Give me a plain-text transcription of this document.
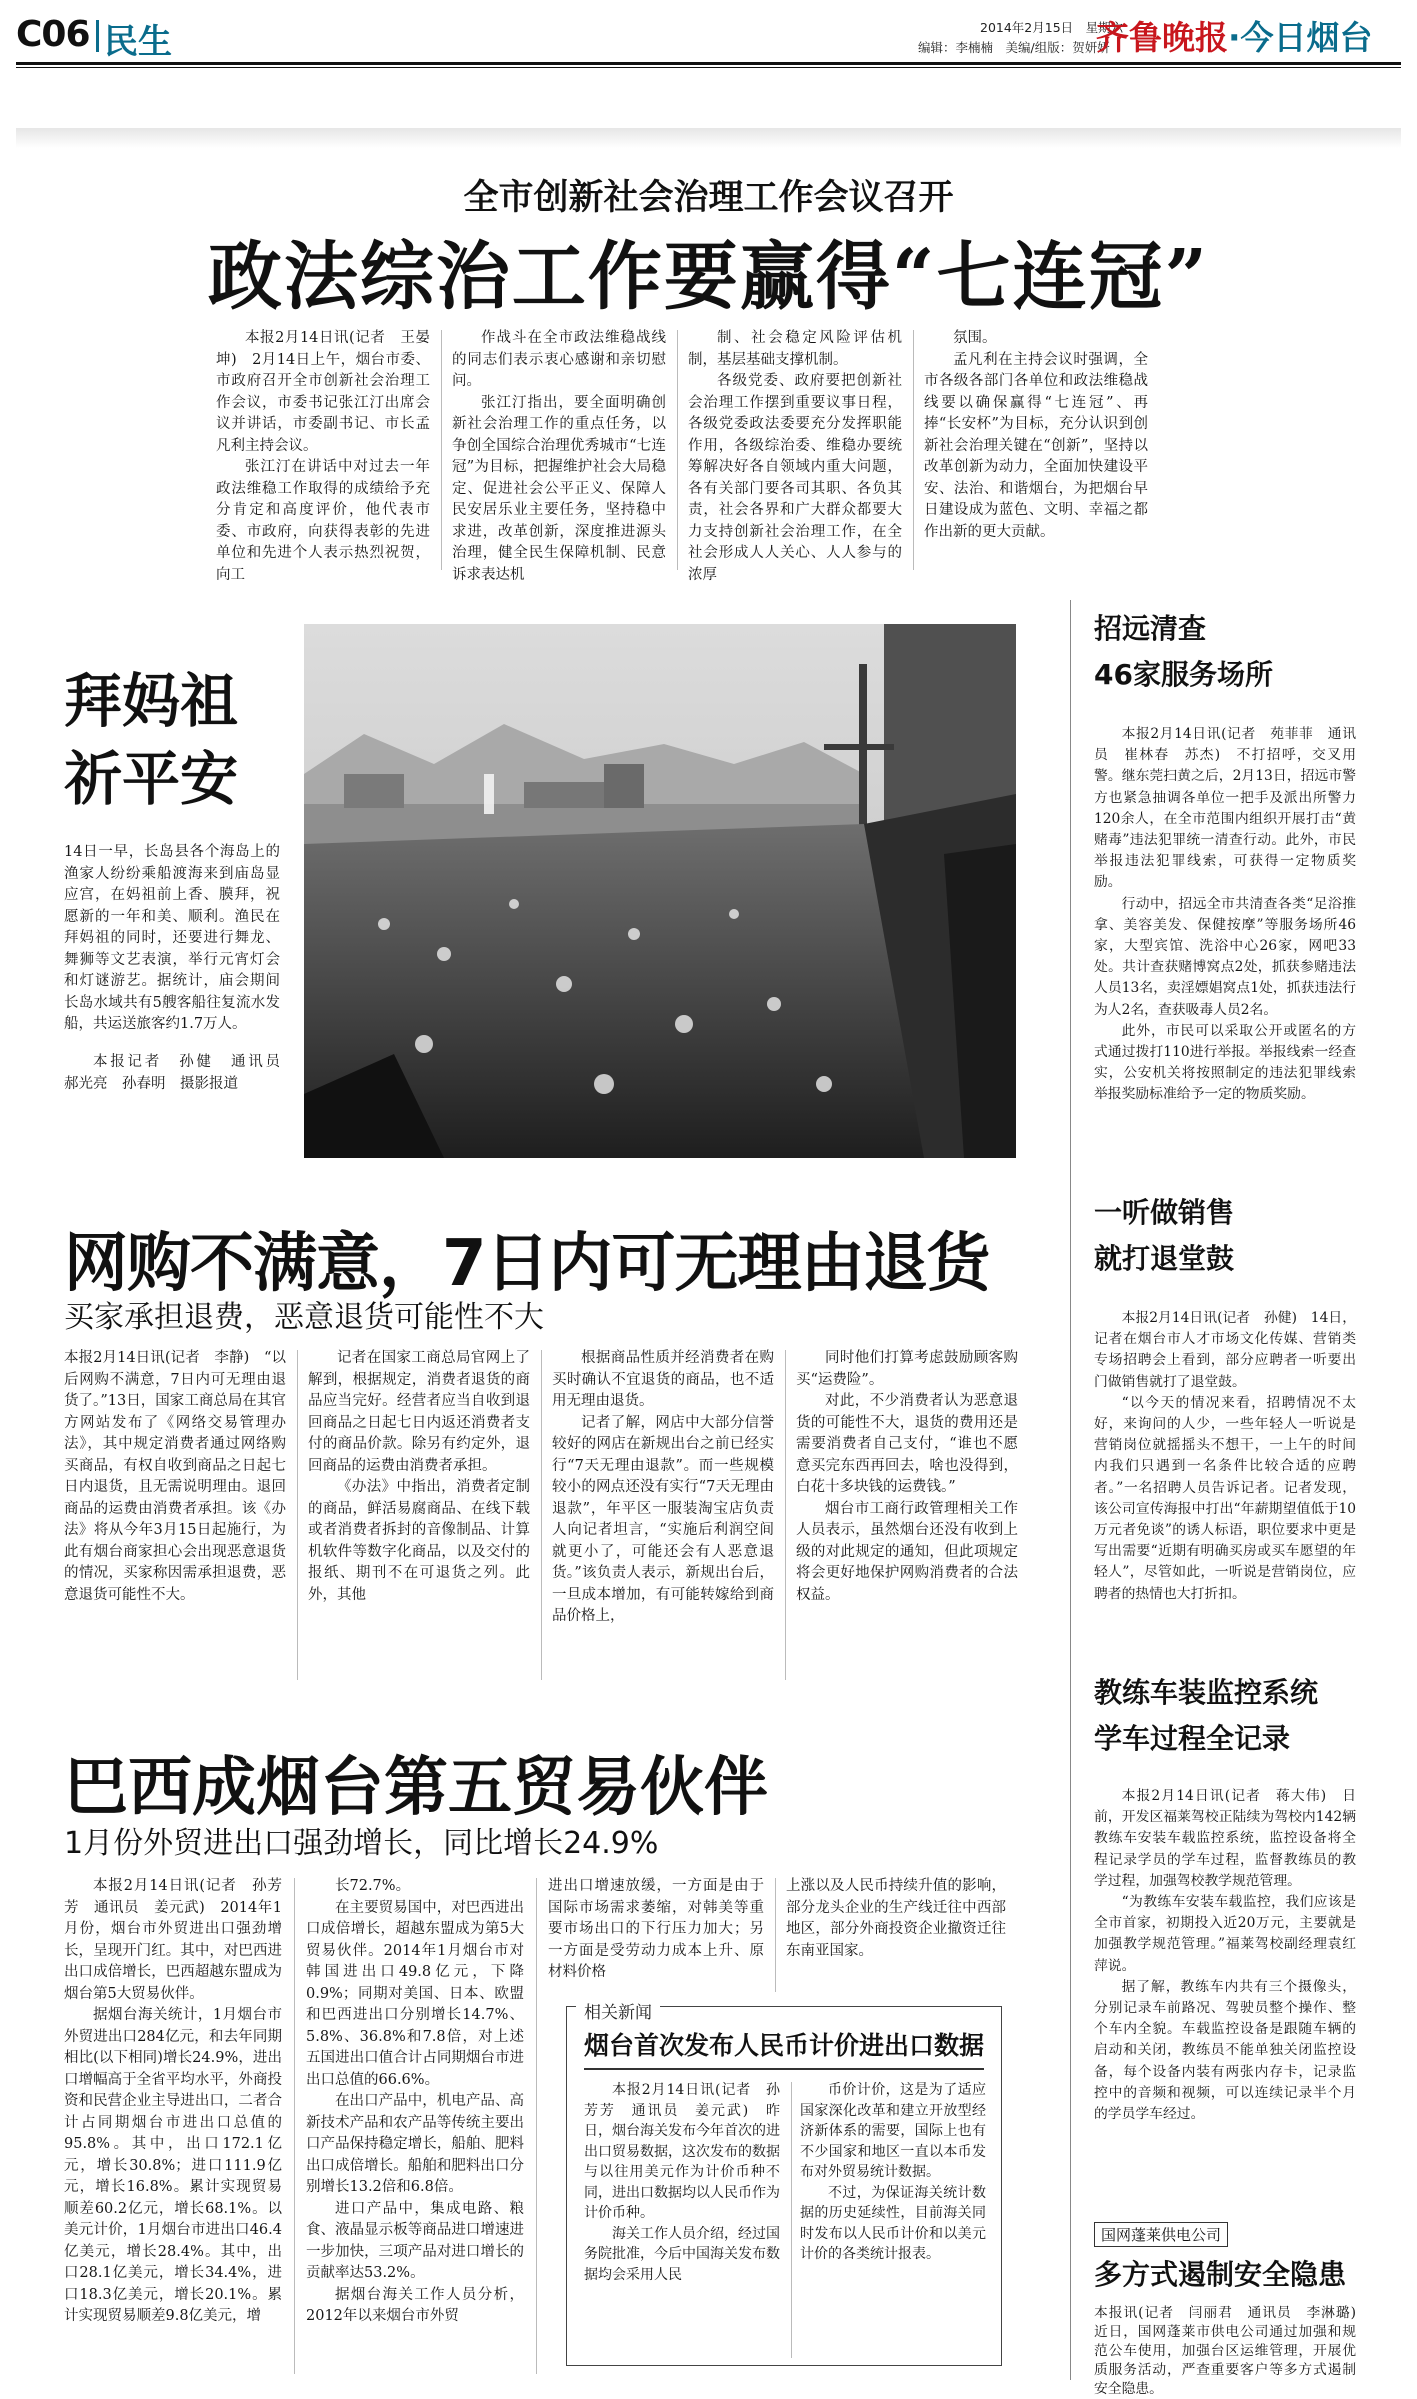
C06 民生	2014年2月15日　星期六
编辑：李楠楠　美编/组版：贺妍妍
齐鲁晚报·今日烟台
全市创新社会治理工作会议召开
政法综治工作要赢得“七连冠”

本报2月14日讯(记者　王晏坤)　2月14日上午，烟台市委、市政府召开全市创新社会治理工作会议，市委书记张江汀出席会议并讲话，市委副书记、市长孟凡利主持会议。

张江汀在讲话中对过去一年政法维稳工作取得的成绩给予充分肯定和高度评价，他代表市委、市政府，向获得表彰的先进单位和先进个人表示热烈祝贺，向工

作战斗在全市政法维稳战线的同志们表示衷心感谢和亲切慰问。

张江汀指出，要全面明确创新社会治理工作的重点任务，以争创全国综合治理优秀城市“七连冠”为目标，把握维护社会大局稳定、促进社会公平正义、保障人民安居乐业主要任务，坚持稳中求进，改革创新，深度推进源头治理，健全民生保障机制、民意诉求表达机

制、社会稳定风险评估机制，基层基础支撑机制。

各级党委、政府要把创新社会治理工作摆到重要议事日程，各级党委政法委要充分发挥职能作用，各级综治委、维稳办要统筹解决好各自领域内重大问题，各有关部门要各司其职、各负其责，社会各界和广大群众都要大力支持创新社会治理工作，在全社会形成人人关心、人人参与的浓厚

氛围。

孟凡利在主持会议时强调，全市各级各部门各单位和政法维稳战线要以确保赢得“七连冠”、再捧“长安杯”为目标，充分认识到创新社会治理关键在“创新”，坚持以改革创新为动力，全面加快建设平安、法治、和谐烟台，为把烟台早日建设成为蓝色、文明、幸福之都作出新的更大贡献。

拜妈祖
祈平安
14日一早，长岛县各个海岛上的渔家人纷纷乘船渡海来到庙岛显应宫，在妈祖前上香、膜拜，祝愿新的一年和美、顺利。渔民在拜妈祖的同时，还要进行舞龙、舞狮等文艺表演，举行元宵灯会和灯谜游艺。据统计，庙会期间长岛水域共有5艘客船往复流水发船，共运送旅客约1.7万人。
本报记者　孙健　通讯员　郝光亮　孙春明　摄影报道
招远清查
46家服务场所

本报2月14日讯(记者　苑菲菲　通讯员　崔林春　苏杰)　不打招呼，交叉用警。继东莞扫黄之后，2月13日，招远市警方也紧急抽调各单位一把手及派出所警力120余人，在全市范围内组织开展打击“黄赌毒”违法犯罪统一清查行动。此外，市民举报违法犯罪线索，可获得一定物质奖励。

行动中，招远全市共清查各类“足浴推拿、美容美发、保健按摩”等服务场所46家，大型宾馆、洗浴中心26家，网吧33处。共计查获赌博窝点2处，抓获参赌违法人员13名，卖淫嫖娼窝点1处，抓获违法行为人2名，查获吸毒人员2名。

此外，市民可以采取公开或匿名的方式通过拨打110进行举报。举报线索一经查实，公安机关将按照制定的违法犯罪线索举报奖励标准给予一定的物质奖励。

一听做销售
就打退堂鼓

本报2月14日讯(记者　孙健)　14日，记者在烟台市人才市场文化传媒、营销类专场招聘会上看到，部分应聘者一听要出门做销售就打了退堂鼓。

“以今天的情况来看，招聘情况不太好，来询问的人少，一些年轻人一听说是营销岗位就摇摇头不想干，一上午的时间内我们只遇到一名条件比较合适的应聘者。”一名招聘人员告诉记者。记者发现，该公司宣传海报中打出“年薪期望值低于10万元者免谈”的诱人标语，职位要求中更是写出需要“近期有明确买房或买车愿望的年轻人”，尽管如此，一听说是营销岗位，应聘者的热情也大打折扣。

教练车装监控系统
学车过程全记录

本报2月14日讯(记者　蒋大伟)　日前，开发区福莱驾校正陆续为驾校内142辆教练车安装车载监控系统，监控设备将全程记录学员的学车过程，监督教练员的教学过程，加强驾校教学规范管理。

“为教练车安装车载监控，我们应该是全市首家，初期投入近20万元，主要就是加强教学规范管理。”福莱驾校副经理袁红萍说。

据了解，教练车内共有三个摄像头，分别记录车前路况、驾驶员整个操作、整个车内全貌。车载监控设备是跟随车辆的启动和关闭，教练员不能单独关闭监控设备，每个设备内装有两张内存卡，记录监控中的音频和视频，可以连续记录半个月的学员学车经过。

国网蓬莱供电公司
多方式遏制安全隐患
本报讯(记者　闫丽君　通讯员　李淋璐)　近日，国网蓬莱市供电公司通过加强和规范公车使用，加强台区运维管理，开展优质服务活动，严查重要客户等多方式遏制安全隐患。
网购不满意，7日内可无理由退货
买家承担退费，恶意退货可能性不大
本报2月14日讯(记者　李静)　“以后网购不满意，7日内可无理由退货了。”13日，国家工商总局在其官方网站发布了《网络交易管理办法》，其中规定消费者通过网络购买商品，有权自收到商品之日起七日内退货，且无需说明理由。退回商品的运费由消费者承担。该《办法》将从今年3月15日起施行，为此有烟台商家担心会出现恶意退货的情况，买家称因需承担退费，恶意退货可能性不大。

记者在国家工商总局官网上了解到，根据规定，消费者退货的商品应当完好。经营者应当自收到退回商品之日起七日内返还消费者支付的商品价款。除另有约定外，退回商品的运费由消费者承担。

《办法》中指出，消费者定制的商品，鲜活易腐商品、在线下载或者消费者拆封的音像制品、计算机软件等数字化商品，以及交付的报纸、期刊不在可退货之列。此外，其他

根据商品性质并经消费者在购买时确认不宜退货的商品，也不适用无理由退货。

记者了解，网店中大部分信誉较好的网店在新规出台之前已经实行“7天无理由退款”。而一些规模较小的网点还没有实行“7天无理由退款”，年平区一服装淘宝店负责人向记者坦言，“实施后利润空间就更小了，可能还会有人恶意退货。”该负责人表示，新规出台后，一旦成本增加，有可能转嫁给到商品价格上，

同时他们打算考虑鼓励顾客购买“运费险”。

对此，不少消费者认为恶意退货的可能性不大，退货的费用还是需要消费者自己支付，“谁也不愿意买完东西再回去，啥也没得到，白花十多块钱的运费钱。”

烟台市工商行政管理相关工作人员表示，虽然烟台还没有收到上级的对此规定的通知，但此项规定将会更好地保护网购消费者的合法权益。

巴西成烟台第五贸易伙伴
1月份外贸进出口强劲增长，同比增长24.9%

本报2月14日讯(记者　孙芳芳　通讯员　姜元武)　2014年1月份，烟台市外贸进出口强劲增长，呈现开门红。其中，对巴西进出口成倍增长，巴西超越东盟成为烟台第5大贸易伙伴。

据烟台海关统计，1月烟台市外贸进出口284亿元，和去年同期相比(以下相同)增长24.9%，进出口增幅高于全省平均水平，外商投资和民营企业主导进出口，二者合计占同期烟台市进出口总值的95.8%。其中，出口172.1亿元，增长30.8%；进口111.9亿元，增长16.8%。累计实现贸易顺差60.2亿元，增长68.1%。以美元计价，1月烟台市进出口46.4亿美元，增长28.4%。其中，出口28.1亿美元，增长34.4%，进口18.3亿美元，增长20.1%。累计实现贸易顺差9.8亿美元，增

长72.7%。

在主要贸易国中，对巴西进出口成倍增长，超越东盟成为第5大贸易伙伴。2014年1月烟台市对韩国进出口49.8亿元，下降0.9%；同期对美国、日本、欧盟和巴西进出口分别增长14.7%、5.8%、36.8%和7.8倍，对上述五国进出口值合计占同期烟台市进出口总值的66.6%。

在出口产品中，机电产品、高新技术产品和农产品等传统主要出口产品保持稳定增长，船舶、肥料出口成倍增长。船舶和肥料出口分别增长13.2倍和6.8倍。

进口产品中，集成电路、粮食、液晶显示板等商品进口增速进一步加快，三项产品对进口增长的贡献率达53.2%。

据烟台海关工作人员分析，2012年以来烟台市外贸

进出口增速放缓，一方面是由于国际市场需求萎缩，对韩美等重要市场出口的下行压力加大；另一方面是受劳动力成本上升、原材料价格
上涨以及人民币持续升值的影响，部分龙头企业的生产线迁往中西部地区，部分外商投资企业撤资迁往东南亚国家。
相关新闻
烟台首次发布人民币计价进出口数据

本报2月14日讯(记者　孙芳芳　通讯员　姜元武)　昨日，烟台海关发布今年首次的进出口贸易数据，这次发布的数据与以往用美元作为计价币种不同，进出口数据均以人民币作为计价币种。

海关工作人员介绍，经过国务院批准，今后中国海关发布数据均会采用人民

币价计价，这是为了适应国家深化改革和建立开放型经济新体系的需要，国际上也有不少国家和地区一直以本币发布对外贸易统计数据。

不过，为保证海关统计数据的历史延续性，目前海关同时发布以人民币计价和以美元计价的各类统计报表。
